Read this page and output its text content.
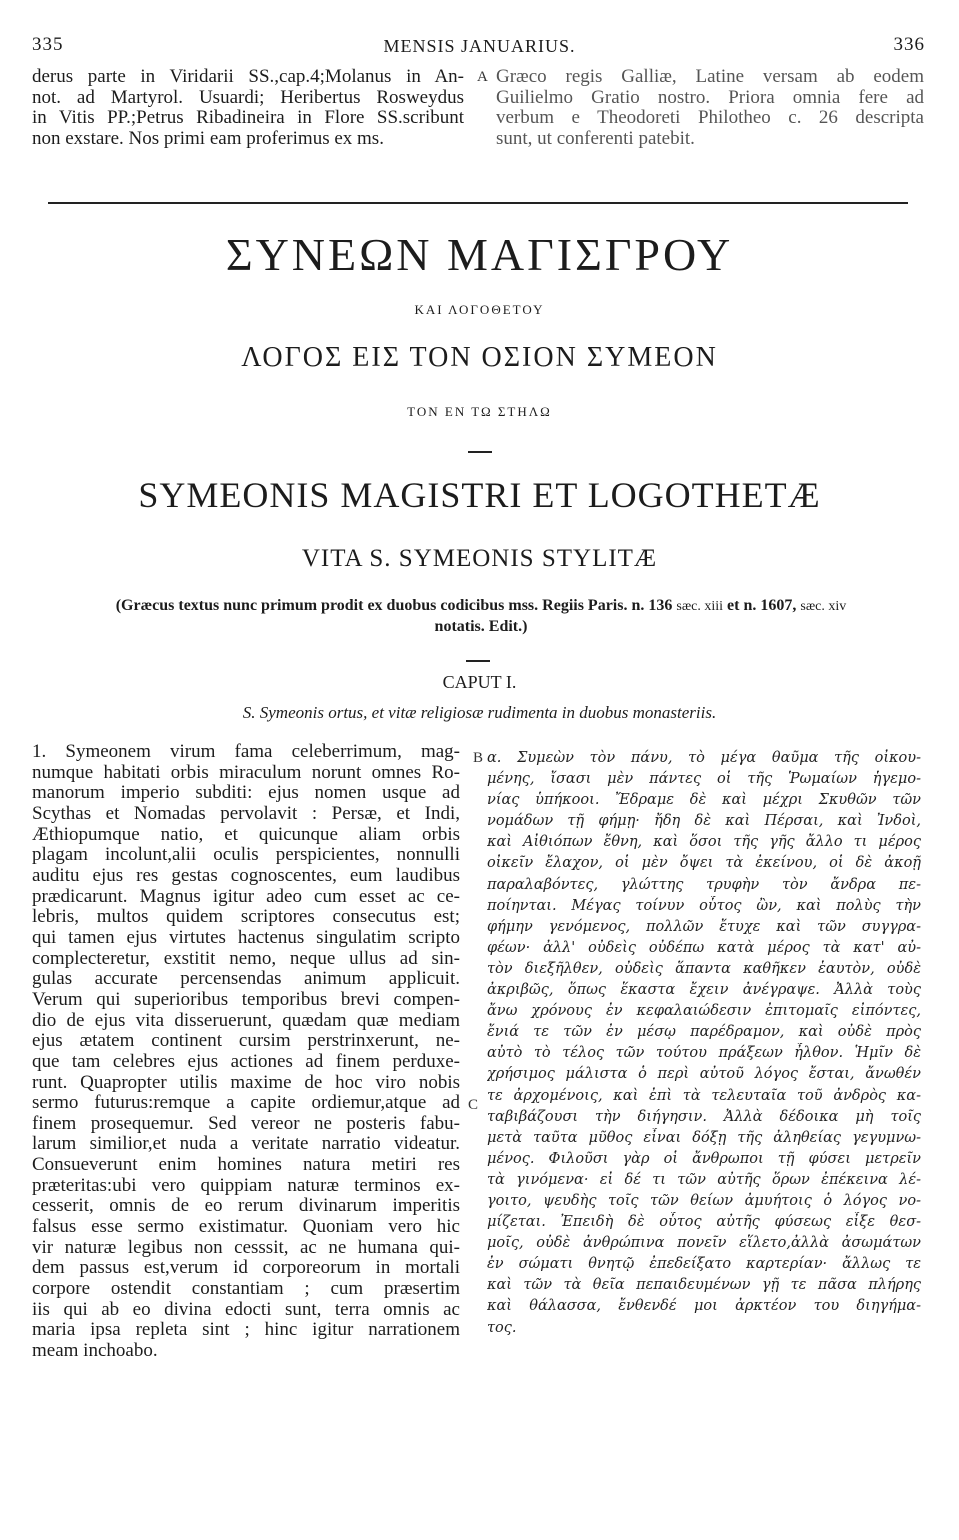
335	MENSIS JANUARIUS.	336
derus parte in Viridarii SS.,cap.4;Molanus in An-
not. ad Martyrol. Usuardi; Heribertus Rosweydus
in Vitis PP.;Petrus Ribadineira in Flore SS.scribunt
non exstare. Nos primi eam proferimus ex ms.
A Græco regis Galliæ, Latine versam ab eodem
Guilielmo Gratio nostro. Priora omnia fere ad
verbum e Theodoreti Philotheo c. 26 descripta
sunt, ut conferenti patebit.
ΣΥΝΕΩΝ ΜΑΓΙΣΓΡΟΥ
ΚΑΙ ΛΟΓΟΘΕΤΟΥ
ΛΟΓΟΣ ΕΙΣ ΤΟΝ ΟΣΙΟΝ ΣΥΜΕΟΝ
ΤΟΝ ΕΝ ΤΩ ΣΤΗΛΩ
SYMEONIS MAGISTRI ET LOGOTHETÆ
VITA S. SYMEONIS STYLITÆ
(Græcus textus nunc primum prodit ex duobus codicibus mss. Regiis Paris. n. 136 sæc. xiii et n. 1607, sæc. xiv
notatis. Edit.)
CAPUT I.
S. Symeonis ortus, et vitæ religiosæ rudimenta in duobus monasteriis.
1. Symeonem virum fama celeberrimum, mag-
numque habitati orbis miraculum norunt omnes Ro-
manorum imperio subditi: ejus nomen usque ad
Scythas et Nomadas pervolavit : Persæ, et Indi,
Æthiopumque natio, et quicunque aliam orbis
plagam incolunt,alii oculis perspicientes, nonnulli
auditu ejus res gestas cognoscentes, eum laudibus
prædicarunt. Magnus igitur adeo cum esset ac ce-
lebris, multos quidem scriptores consecutus est;
qui tamen ejus virtutes hactenus singulatim scripto
complecteretur, exstitit nemo, neque ullus ad sin-
gulas accurate percensendas animum applicuit.
Verum qui superioribus temporibus brevi compen-
dio de ejus vita disseruerunt, quædam quæ mediam
ejus ætatem continent cursim perstrinxerunt, ne-
que tam celebres ejus actiones ad finem perduxe-
runt. Quapropter utilis maxime de hoc viro nobis
sermo futurus:remque a capite ordiemur,atque ad
finem prosequemur. Sed vereor ne posteris fabu-
larum similior,et nuda a veritate narratio videatur.
Consueverunt enim homines natura metiri res
præteritas:ubi vero quippiam naturæ terminos ex-
cesserit, omnis de eo rerum divinarum imperitis
falsus esse sermo existimatur. Quoniam vero hic
vir naturæ legibus non cesssit, ac ne humana qui-
dem passus est,verum id corporeorum in mortali
corpore ostendit constantiam ; cum præsertim
iis qui ab eo divina edocti sunt, terra omnis ac
maria ipsa repleta sint ; hinc igitur narrationem
meam inchoabo.
B
C
α. Συμεὼν τὸν πάνυ, τὸ μέγα θαῦμα τῆς οἰκου-
μένης, ἴσασι μὲν πάντες οἱ τῆς Ῥωμαίων ἡγεμο-
νίας ὑπήκοοι. Ἔδραμε δὲ καὶ μέχρι Σκυθῶν τῶν
νομάδων τῇ φήμῃ· ἤδη δὲ καὶ Πέρσαι, καὶ Ἰνδοὶ,
καὶ Αἰθιόπων ἔθνη, καὶ ὅσοι τῆς γῆς ἄλλο τι μέρος
οἰκεῖν ἔλαχον, οἱ μὲν ὄψει τὰ ἐκείνου, οἱ δὲ ἀκοῇ
παραλαβόντες, γλώττης τρυφὴν τὸν ἄνδρα πε-
ποίηνται. Μέγας τοίνυν οὗτος ὢν, καὶ πολὺς τὴν
φήμην γενόμενος, πολλῶν ἔτυχε καὶ τῶν συγγρα-
φέων· ἀλλ' οὐδεὶς οὐδέπω κατὰ μέρος τὰ κατ' αὐ-
τὸν διεξῆλθεν, οὐδεὶς ἅπαντα καθῆκεν ἑαυτὸν, οὐδὲ
ἀκριβῶς, ὅπως ἕκαστα ἔχειν ἀνέγραψε. Ἀλλὰ τοὺς
ἄνω χρόνους ἐν κεφαλαιώδεσιν ἐπιτομαῖς εἰπόντες,
ἔνιά τε τῶν ἐν μέσῳ παρέδραμον, καὶ οὐδὲ πρὸς
αὐτὸ τὸ τέλος τῶν τούτου πράξεων ἦλθον. Ἡμῖν δὲ
χρήσιμος μάλιστα ὁ περὶ αὐτοῦ λόγος ἔσται, ἄνωθέν
τε ἀρχομένοις, καὶ ἐπὶ τὰ τελευταῖα τοῦ ἀνδρὸς κα-
ταβιβάζουσι τὴν διήγησιν. Ἀλλὰ δέδοικα μὴ τοῖς
μετὰ ταῦτα μῦθος εἶναι δόξῃ τῆς ἀληθείας γεγυμνω-
μένος. Φιλοῦσι γὰρ οἱ ἄνθρωποι τῇ φύσει μετρεῖν
τὰ γινόμενα· εἰ δέ τι τῶν αὐτῆς ὅρων ἐπέκεινα λέ-
γοιτο, ψευδὴς τοῖς τῶν θείων ἀμυήτοις ὁ λόγος νο-
μίζεται. Ἐπειδὴ δὲ οὗτος αὐτῆς φύσεως εἶξε θεσ-
μοῖς, οὐδὲ ἀνθρώπινα πονεῖν εἵλετο,ἀλλὰ ἀσωμάτων
ἐν σώματι θνητῷ ἐπεδείξατο καρτερίαν· ἄλλως τε
καὶ τῶν τὰ θεῖα πεπαιδευμένων γῇ τε πᾶσα πλήρης
καὶ θάλασσα, ἔνθενδέ μοι ἀρκτέον του διηγήμα-
τος.
